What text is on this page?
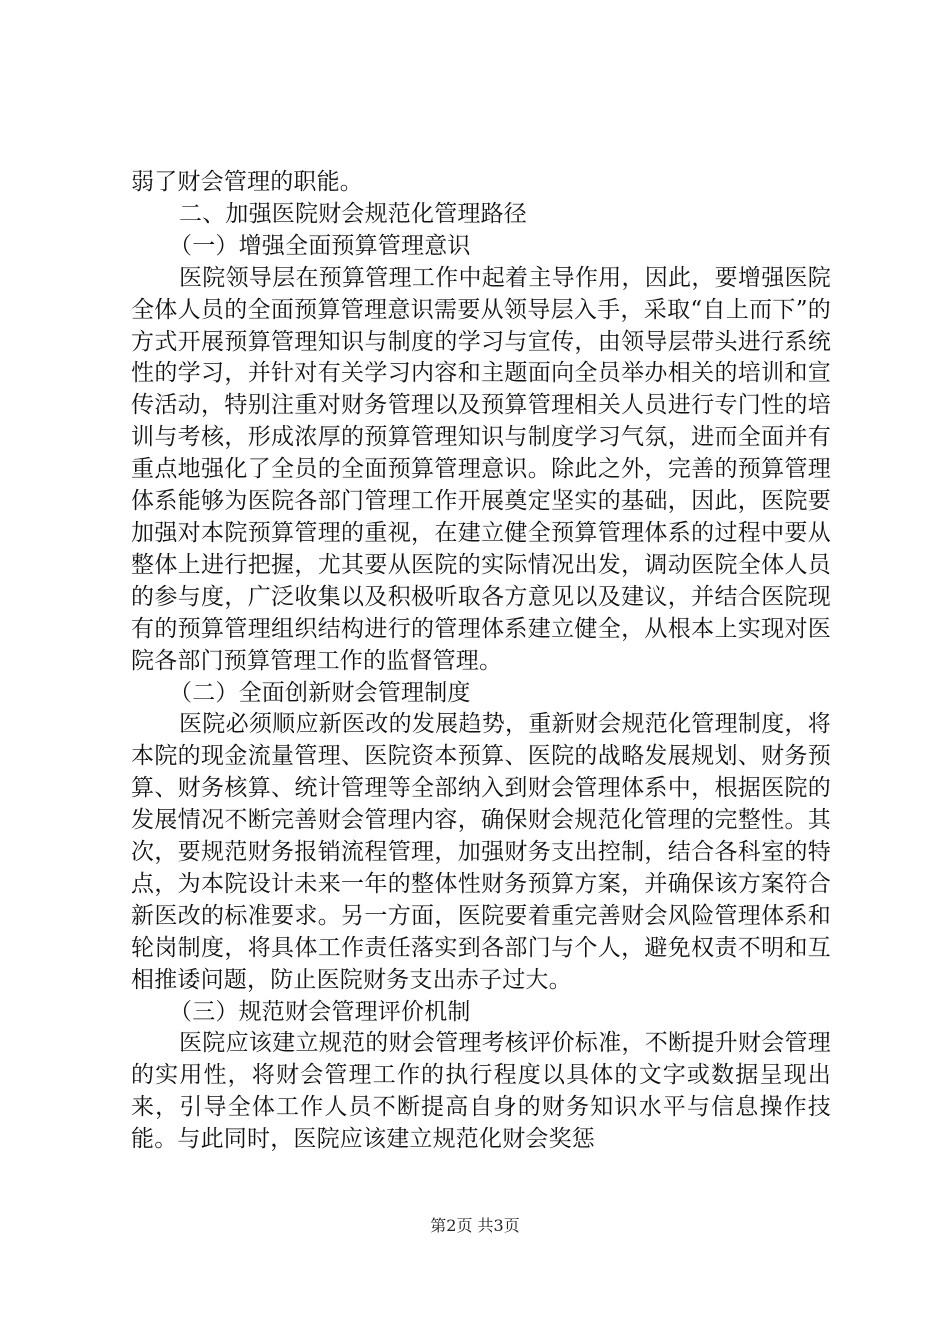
弱了财会管理的职能。

二、加强医院财会规范化管理路径

（一）增强全面预算管理意识

医院领导层在预算管理工作中起着主导作用，因此，要增强医院全体人员的全面预算管理意识需要从领导层入手，采取“自上而下”的方式开展预算管理知识与制度的学习与宣传，由领导层带头进行系统性的学习，并针对有关学习内容和主题面向全员举办相关的培训和宣传活动，特别注重对财务管理以及预算管理相关人员进行专门性的培训与考核，形成浓厚的预算管理知识与制度学习气氛，进而全面并有重点地强化了全员的全面预算管理意识。除此之外，完善的预算管理体系能够为医院各部门管理工作开展奠定坚实的基础，因此，医院要加强对本院预算管理的重视，在建立健全预算管理体系的过程中要从整体上进行把握，尤其要从医院的实际情况出发，调动医院全体人员的参与度，广泛收集以及积极听取各方意见以及建议，并结合医院现有的预算管理组织结构进行的管理体系建立健全，从根本上实现对医院各部门预算管理工作的监督管理。

（二）全面创新财会管理制度

医院必须顺应新医改的发展趋势，重新财会规范化管理制度，将本院的现金流量管理、医院资本预算、医院的战略发展规划、财务预算、财务核算、统计管理等全部纳入到财会管理体系中，根据医院的发展情况不断完善财会管理内容，确保财会规范化管理的完整性。其次，要规范财务报销流程管理，加强财务支出控制，结合各科室的特点，为本院设计未来一年的整体性财务预算方案，并确保该方案符合新医改的标准要求。另一方面，医院要着重完善财会风险管理体系和轮岗制度，将具体工作责任落实到各部门与个人，避免权责不明和互相推诿问题，防止医院财务支出赤子过大。

（三）规范财会管理评价机制

医院应该建立规范的财会管理考核评价标准，不断提升财会管理的实用性，将财会管理工作的执行程度以具体的文字或数据呈现出来，引导全体工作人员不断提高自身的财务知识水平与信息操作技能。与此同时，医院应该建立规范化财会奖惩

第2页 共3页
